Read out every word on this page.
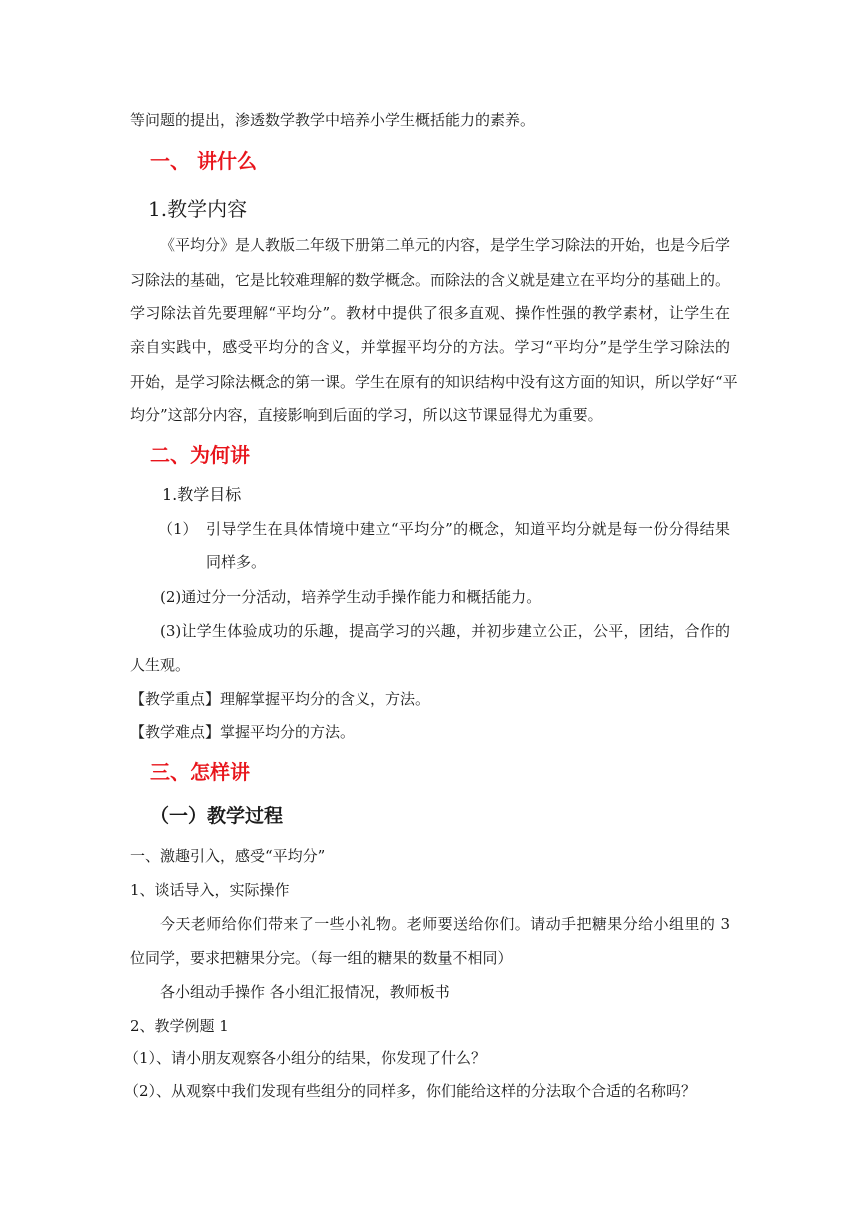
等问题的提出，渗透数学教学中培养小学生概括能力的素养。
一、 讲什么
1.教学内容
《平均分》是人教版二年级下册第二单元的内容，是学生学习除法的开始，也是今后学
习除法的基础，它是比较难理解的数学概念。而除法的含义就是建立在平均分的基础上的。
学习除法首先要理解“平均分”。教材中提供了很多直观、操作性强的教学素材，让学生在
亲自实践中，感受平均分的含义，并掌握平均分的方法。学习“平均分”是学生学习除法的
开始，是学习除法概念的第一课。学生在原有的知识结构中没有这方面的知识，所以学好“平
均分”这部分内容，直接影响到后面的学习，所以这节课显得尤为重要。
二、为何讲
1.教学目标
（1） 引导学生在具体情境中建立“平均分”的概念，知道平均分就是每一份分得结果
同样多。
(2)通过分一分活动，培养学生动手操作能力和概括能力。
(3)让学生体验成功的乐趣，提高学习的兴趣，并初步建立公正，公平，团结，合作的
人生观。
【教学重点】理解掌握平均分的含义，方法。
【教学难点】掌握平均分的方法。
三、怎样讲
（一）教学过程
一、激趣引入，感受“平均分”
1、谈话导入，实际操作
今天老师给你们带来了一些小礼物。老师要送给你们。请动手把糖果分给小组里的 3
位同学，要求把糖果分完。（每一组的糖果的数量不相同）
各小组动手操作 各小组汇报情况，教师板书
2、教学例题 1
（1）、请小朋友观察各小组分的结果，你发现了什么？
（2）、从观察中我们发现有些组分的同样多，你们能给这样的分法取个合适的名称吗？
